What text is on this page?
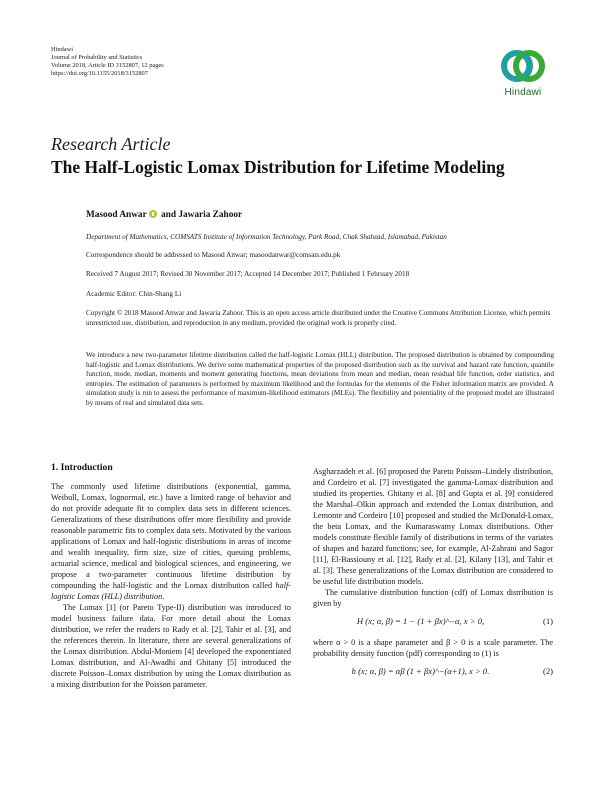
Hindawi
Journal of Probability and Statistics
Volume 2018, Article ID 3152807, 12 pages
https://doi.org/10.1155/2018/3152807
Hindawi
Research Article
The Half-Logistic Lomax Distribution for Lifetime Modeling
Masood Anwar and Jawaria Zahoor
Department of Mathematics, COMSATS Institute of Information Technology, Park Road, Chak Shahzad, Islamabad, Pakistan
Correspondence should be addressed to Masood Anwar; masoodanwar@comsats.edu.pk
Received 7 August 2017; Revised 30 November 2017; Accepted 14 December 2017; Published 1 February 2018
Academic Editor: Chin-Shang Li
Copyright © 2018 Masood Anwar and Jawaria Zahoor. This is an open access article distributed under the Creative Commons Attribution License, which permits unrestricted use, distribution, and reproduction in any medium, provided the original work is properly cited.
We introduce a new two-parameter lifetime distribution called the half-logistic Lomax (HLL) distribution. The proposed distribution is obtained by compounding half-logistic and Lomax distributions. We derive some mathematical properties of the proposed distribution such as the survival and hazard rate function, quantile function, mode, median, moments and moment generating functions, mean deviations from mean and median, mean residual life function, order statistics, and entropies. The estimation of parameters is performed by maximum likelihood and the formulas for the elements of the Fisher information matrix are provided. A simulation study is run to assess the performance of maximum-likelihood estimators (MLEs). The flexibility and potentiality of the proposed model are illustrated by means of real and simulated data sets.
1. Introduction

The commonly used lifetime distributions (exponential, gamma, Weibull, Lomax, lognormal, etc.) have a limited range of behavior and do not provide adequate fit to complex data sets in different sciences. Generalizations of these distributions offer more flexibility and provide reasonable parametric fits to complex data sets. Motivated by the various applications of Lomax and half-logistic distributions in areas of income and wealth inequality, firm size, size of cities, queuing problems, actuarial science, medical and biological sciences, and engineering, we propose a two-parameter continuous lifetime distribution by compounding the half-logistic and the Lomax distribution called half-logistic Lomax (HLL) distribution.

The Lomax [1] (or Pareto Type-II) distribution was introduced to model business failure data. For more detail about the Lomax distribution, we refer the readers to Rady et al. [2], Tahir et al. [3], and the references therein. In literature, there are several generalizations of the Lomax distribution. Abdul-Moniem [4] developed the exponentiated Lomax distribution, and Al-Awadhi and Ghitany [5] introduced the discrete Poisson–Lomax distribution by using the Lomax distribution as a mixing distribution for the Poisson parameter.

Asgharzadeh et al. [6] proposed the Pareto Poisson–Lindely distribution, and Cordeiro et al. [7] investigated the gamma-Lomax distribution and studied its properties. Ghitany et al. [8] and Gupta et al. [9] considered the Marshal–Olkin approach and extended the Lomax distribution, and Lemonte and Cordeiro [10] proposed and studied the McDonald-Lomax, the beta Lomax, and the Kumaraswamy Lomax distributions. Other models constitute flexible family of distributions in terms of the variates of shapes and hazard functions; see, for example, Al-Zahrani and Sagor [11], El-Bassiouny et al. [12], Rady et al. [2], Kilany [13], and Tahir et al. [3]. These generalizations of the Lomax distribution are considered to be useful life distribution models.

The cumulative distribution function (cdf) of Lomax distribution is given by

H (x; α, β) = 1 − (1 + βx)^−α, x > 0,	(1)

where α > 0 is a shape parameter and β > 0 is a scale parameter. The probability density function (pdf) corresponding to (1) is

h (x; α, β) = αβ (1 + βx)^−(α+1), x > 0.	(2)
